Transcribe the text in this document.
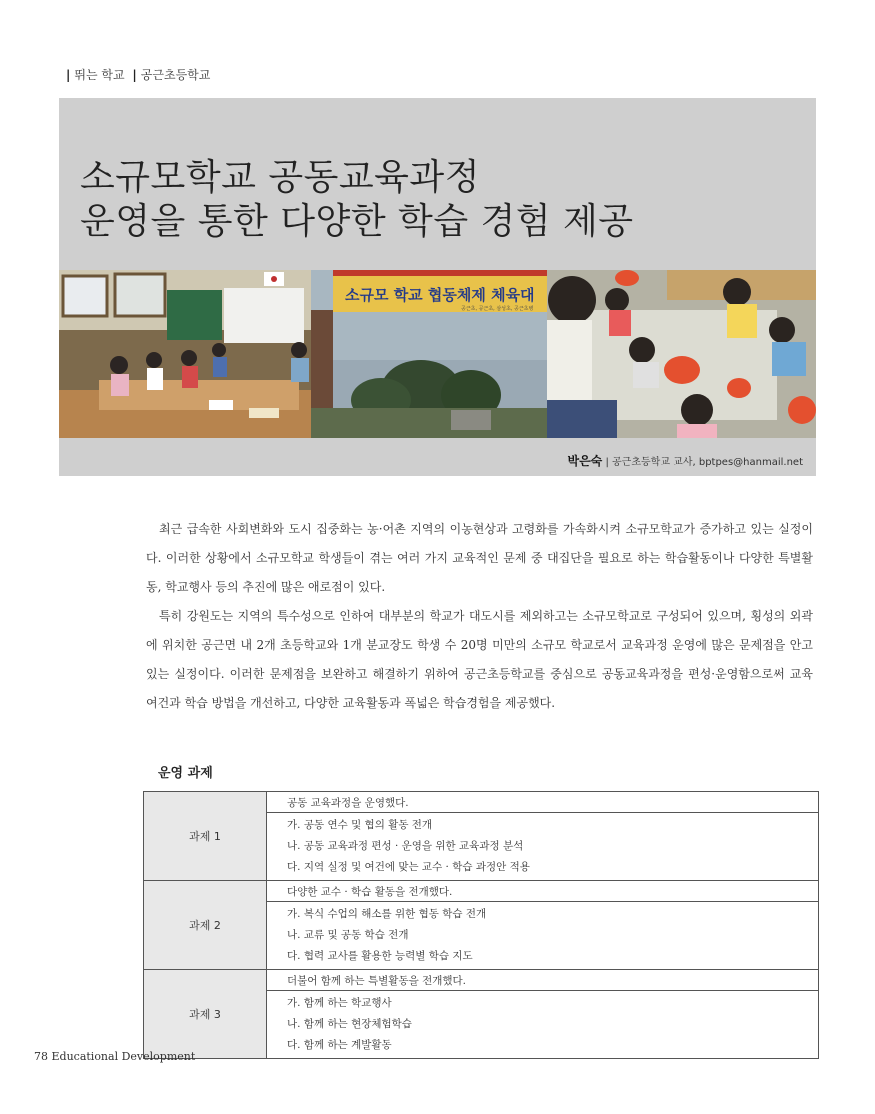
| 뛰는 학교 | 공근초등학교
소규모학교 공동교육과정
운영을 통한 다양한 학습 경험 제공
소규모 학교 협동체제 체육대
공근초, 공근초, 삼성초, 공근초병
박은숙 | 공근초등학교 교사, bptpes@hanmail.net

최근 급속한 사회변화와 도시 집중화는 농·어촌 지역의 이농현상과 고령화를 가속화시켜 소규모학교가 증가하고 있는 실정이다. 이러한 상황에서 소규모학교 학생들이 겪는 여러 가지 교육적인 문제 중 대집단을 필요로 하는 학습활동이나 다양한 특별활동, 학교행사 등의 추진에 많은 애로점이 있다.

특히 강원도는 지역의 특수성으로 인하여 대부분의 학교가 대도시를 제외하고는 소규모학교로 구성되어 있으며, 횡성의 외곽에 위치한 공근면 내 2개 초등학교와 1개 분교장도 학생 수 20명 미만의 소규모 학교로서 교육과정 운영에 많은 문제점을 안고 있는 실정이다. 이러한 문제점을 보완하고 해결하기 위하여 공근초등학교를 중심으로 공동교육과정을 편성·운영함으로써 교육 여건과 학습 방법을 개선하고, 다양한 교육활동과 폭넓은 학습경험을 제공했다.

운영 과제
과제 1	공동 교육과정을 운영했다.

	가. 공동 연수 및 협의 활동 전개
나. 공동 교육과정 편성 · 운영을 위한 교육과정 분석
다. 지역 실정 및 여건에 맞는 교수 · 학습 과정안 적용

과제 2	다양한 교수 · 학습 활동을 전개했다.

	가. 복식 수업의 해소를 위한 협동 학습 전개
나. 교류 및 공동 학습 전개
다. 협력 교사를 활용한 능력별 학습 지도

과제 3	더불어 함께 하는 특별활동을 전개했다.

	가. 함께 하는 학교행사
나. 함께 하는 현장체험학습
다. 함께 하는 계발활동
78 Educational Development
